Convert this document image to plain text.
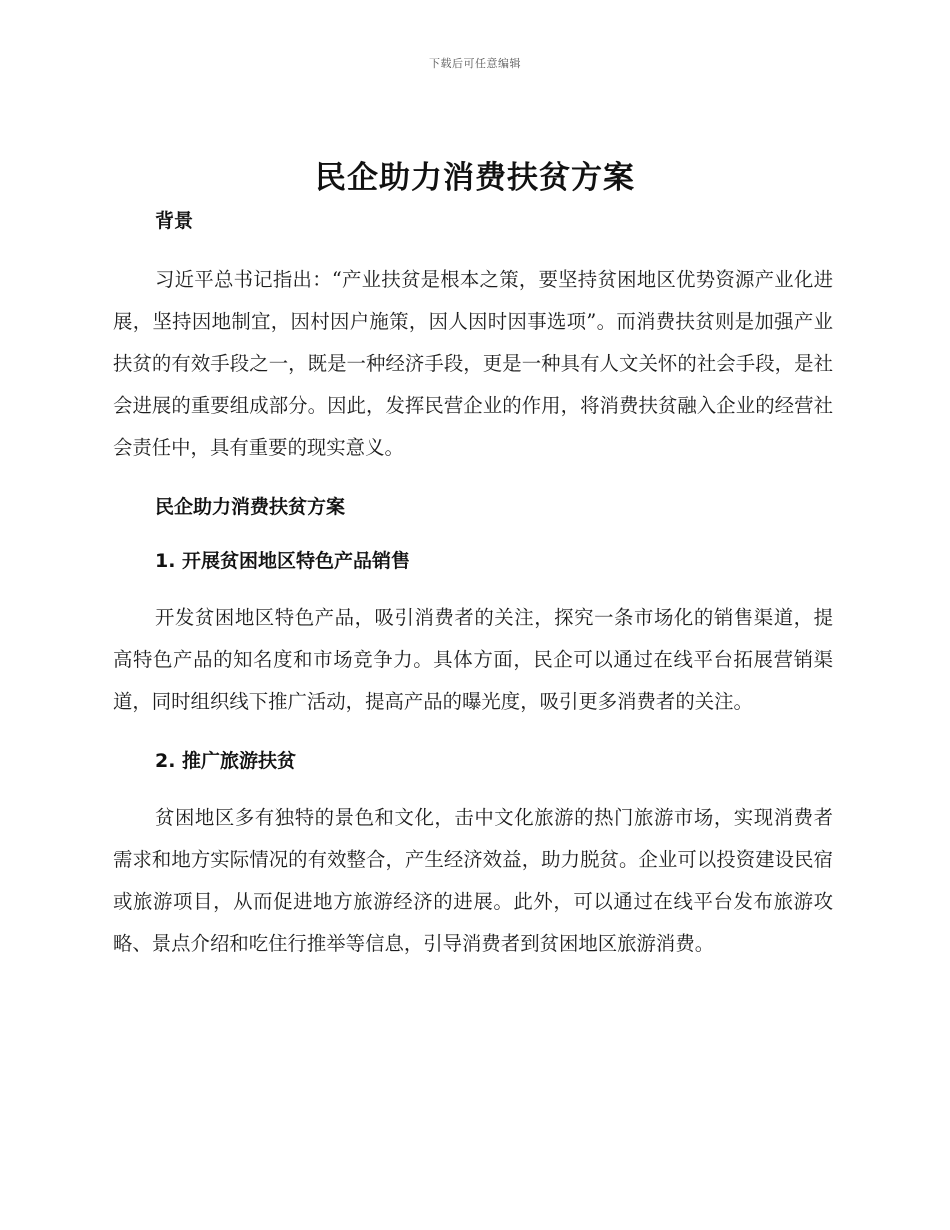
下载后可任意编辑
民企助力消费扶贫方案

背景

习近平总书记指出：“产业扶贫是根本之策，要坚持贫困地区优势资源产业化进展，坚持因地制宜，因村因户施策，因人因时因事选项”。而消费扶贫则是加强产业扶贫的有效手段之一，既是一种经济手段，更是一种具有人文关怀的社会手段，是社会进展的重要组成部分。因此，发挥民营企业的作用，将消费扶贫融入企业的经营社会责任中，具有重要的现实意义。

民企助力消费扶贫方案

1. 开展贫困地区特色产品销售

开发贫困地区特色产品，吸引消费者的关注，探究一条市场化的销售渠道，提高特色产品的知名度和市场竞争力。具体方面，民企可以通过在线平台拓展营销渠道，同时组织线下推广活动，提高产品的曝光度，吸引更多消费者的关注。

2. 推广旅游扶贫

贫困地区多有独特的景色和文化，击中文化旅游的热门旅游市场，实现消费者需求和地方实际情况的有效整合，产生经济效益，助力脱贫。企业可以投资建设民宿或旅游项目，从而促进地方旅游经济的进展。此外，可以通过在线平台发布旅游攻略、景点介绍和吃住行推举等信息，引导消费者到贫困地区旅游消费。
